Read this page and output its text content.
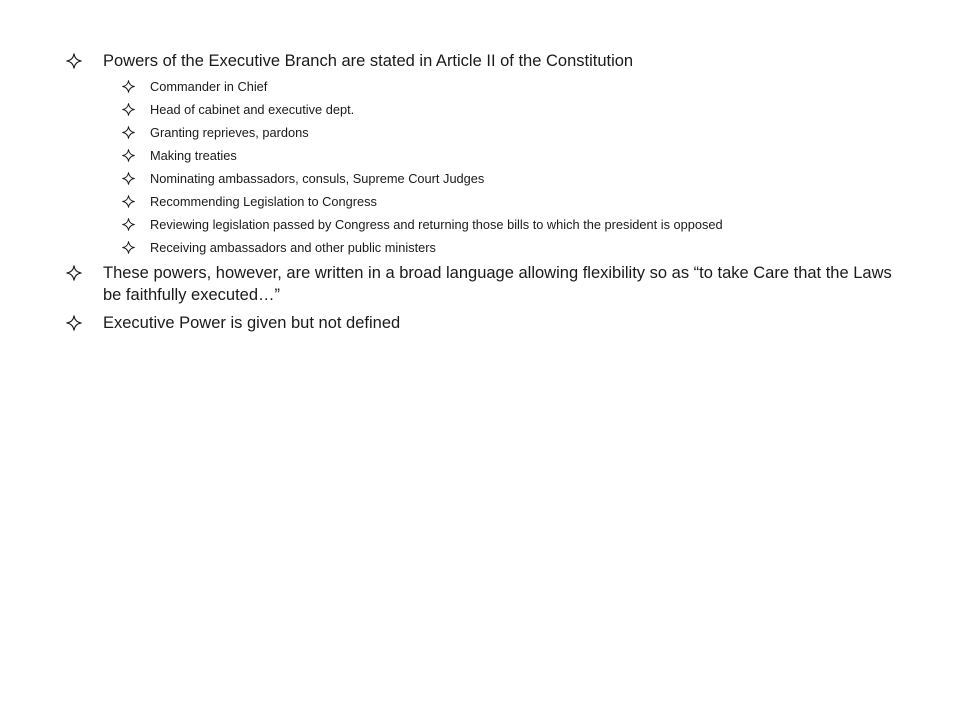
Powers of the Executive Branch are stated in Article II of the Constitution
Commander in Chief
Head of cabinet and executive dept.
Granting reprieves, pardons
Making treaties
Nominating ambassadors, consuls, Supreme Court Judges
Recommending Legislation to Congress
Reviewing legislation passed by Congress and returning those bills to which the president is opposed
Receiving ambassadors and other public ministers
These powers, however, are written in a broad language allowing flexibility so as “to take Care that the Laws be faithfully executed…”
Executive Power is given but not defined
